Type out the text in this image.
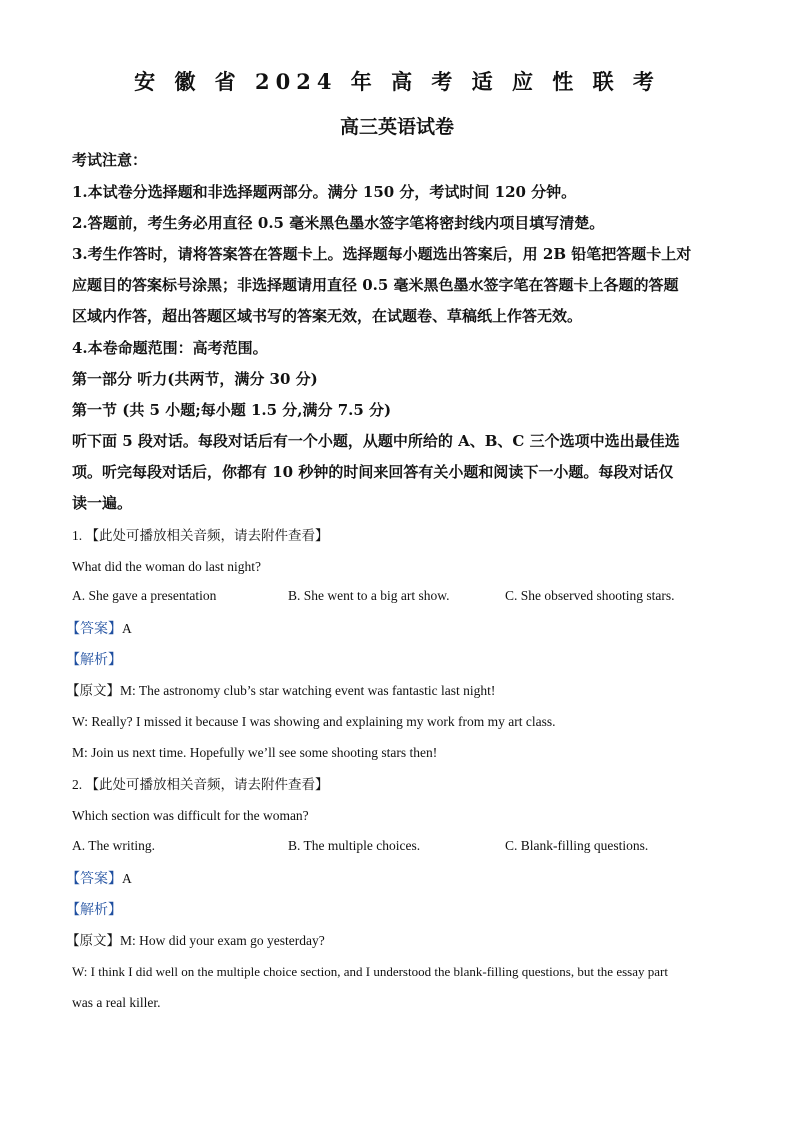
安 徽 省 2024 年 高 考 适 应 性 联 考
高三英语试卷
考试注意：
1.本试卷分选择题和非选择题两部分。满分 150 分，考试时间 120 分钟。
2.答题前，考生务必用直径 0.5 毫米黑色墨水签字笔将密封线内项目填写清楚。
3.考生作答时，请将答案答在答题卡上。选择题每小题选出答案后，用 2B 铅笔把答题卡上对
应题目的答案标号涂黑；非选择题请用直径 0.5 毫米黑色墨水签字笔在答题卡上各题的答题
区域内作答，超出答题区域书写的答案无效，在试题卷、草稿纸上作答无效。
4.本卷命题范围：高考范围。
第一部分 听力(共两节，满分 30 分)
第一节 (共 5 小题;每小题 1.5 分,满分 7.5 分)
听下面 5 段对话。每段对话后有一个小题，从题中所给的 A、B、C 三个选项中选出最佳选
项。听完每段对话后，你都有 10 秒钟的时间来回答有关小题和阅读下一小题。每段对话仅
读一遍。
1. 【此处可播放相关音频，请去附件查看】
What did the woman do last night?
A. She gave a presentation	B. She went to a big art show.	C. She observed shooting stars.
【答案】A
【解析】
【原文】M: The astronomy club’s star watching event was fantastic last night!
W: Really? I missed it because I was showing and explaining my work from my art class.
M: Join us next time. Hopefully we’ll see some shooting stars then!
2. 【此处可播放相关音频，请去附件查看】
Which section was difficult for the woman?
A. The writing.	B. The multiple choices.	C. Blank-filling questions.
【答案】A
【解析】
【原文】M: How did your exam go yesterday?
W: I think I did well on the multiple choice section, and I understood the blank-filling questions, but the essay part
was a real killer.
